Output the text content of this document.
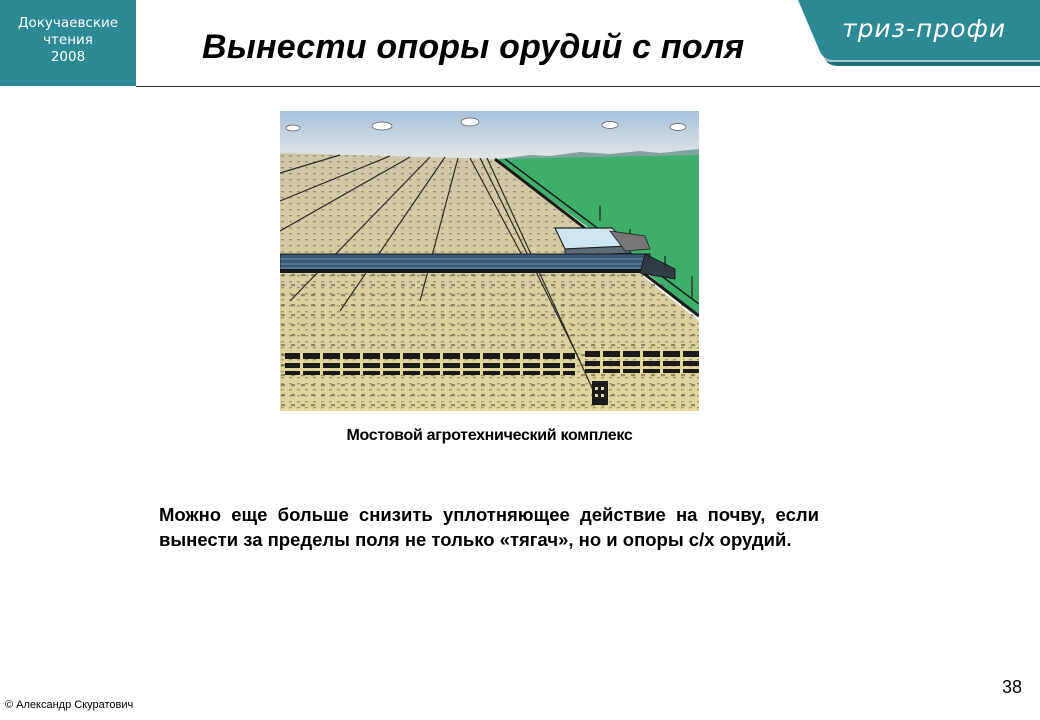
Докучаевские
чтения
2008
триз-профи
Вынести опоры орудий с поля
Мостовой агротехнический комплекс

Можно еще больше снизить уплотняющее действие на почву, если вынести за пределы поля не только «тягач», но и опоры с/х орудий.

38
© Александр Скуратович
